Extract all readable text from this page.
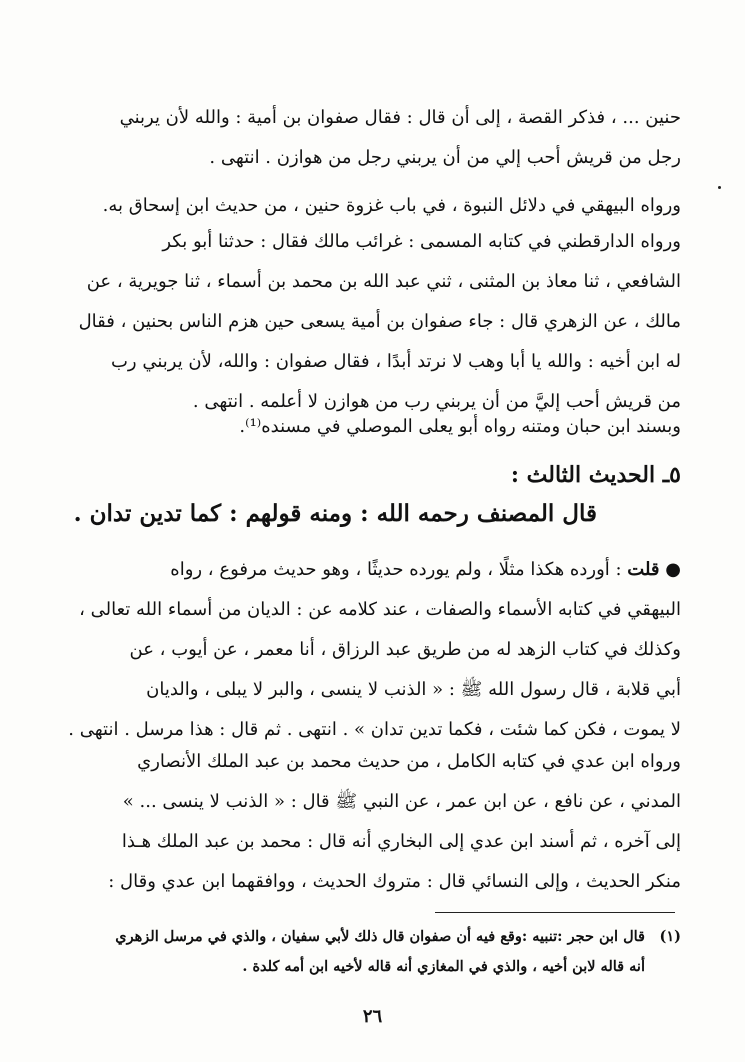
حنين ... ، فذكر القصة ، إلى أن قال : فقال صفوان بن أمية : والله لأن يربني
رجل من قريش أحب إلي من أن يربني رجل من هوازن . انتهى .
ورواه البيهقي في دلائل النبوة ، في باب غزوة حنين ، من حديث ابن إسحاق به.
ورواه الدارقطني في كتابه المسمى : غرائب مالك فقال : حدثنا أبو بكر
الشافعي ، ثنا معاذ بن المثنى ، ثني عبد الله بن محمد بن أسماء ، ثنا جويرية ، عن
مالك ، عن الزهري قال : جاء صفوان بن أمية يسعى حين هزم الناس بحنين ، فقال
له ابن أخيه : والله يا أبا وهب لا نرتد أبدًا ، فقال صفوان : والله، لأن يربني رب
من قريش أحب إليَّ من أن يربني رب من هوازن لا أعلمه . انتهى .
وبسند ابن حبان ومتنه رواه أبو يعلى الموصلي في مسنده⁽¹⁾.
٥ـ الحديث الثالث :
قال المصنف رحمه الله : ومنه قولهم : كما تدين تدان .
● قلت : أورده هكذا مثلًا ، ولم يورده حديثًا ، وهو حديث مرفوع ، رواه
البيهقي في كتابه الأسماء والصفات ، عند كلامه عن : الديان من أسماء الله تعالى ،
وكذلك في كتاب الزهد له من طريق عبد الرزاق ، أنا معمر ، عن أيوب ، عن
أبي قلابة ، قال رسول الله ﷺ : « الذنب لا ينسى ، والبر لا يبلى ، والديان
لا يموت ، فكن كما شئت ، فكما تدين تدان » . انتهى . ثم قال : هذا مرسل . انتهى .
ورواه ابن عدي في كتابه الكامل ، من حديث محمد بن عبد الملك الأنصاري
المدني ، عن نافع ، عن ابن عمر ، عن النبي ﷺ قال : « الذنب لا ينسى ... »
إلى آخره ، ثم أسند ابن عدي إلى البخاري أنه قال : محمد بن عبد الملك هـذا
منكر الحديث ، وإلى النسائي قال : متروك الحديث ، ووافقهما ابن عدي وقال :
(١)قال ابن حجر :تنبيه :وقع فيه أن صفوان قال ذلك لأبي سفيان ، والذي في مرسل الزهري
أنه قاله لابن أخيه ، والذي في المغازي أنه قاله لأخيه ابن أمه كلدة .
٢٦
